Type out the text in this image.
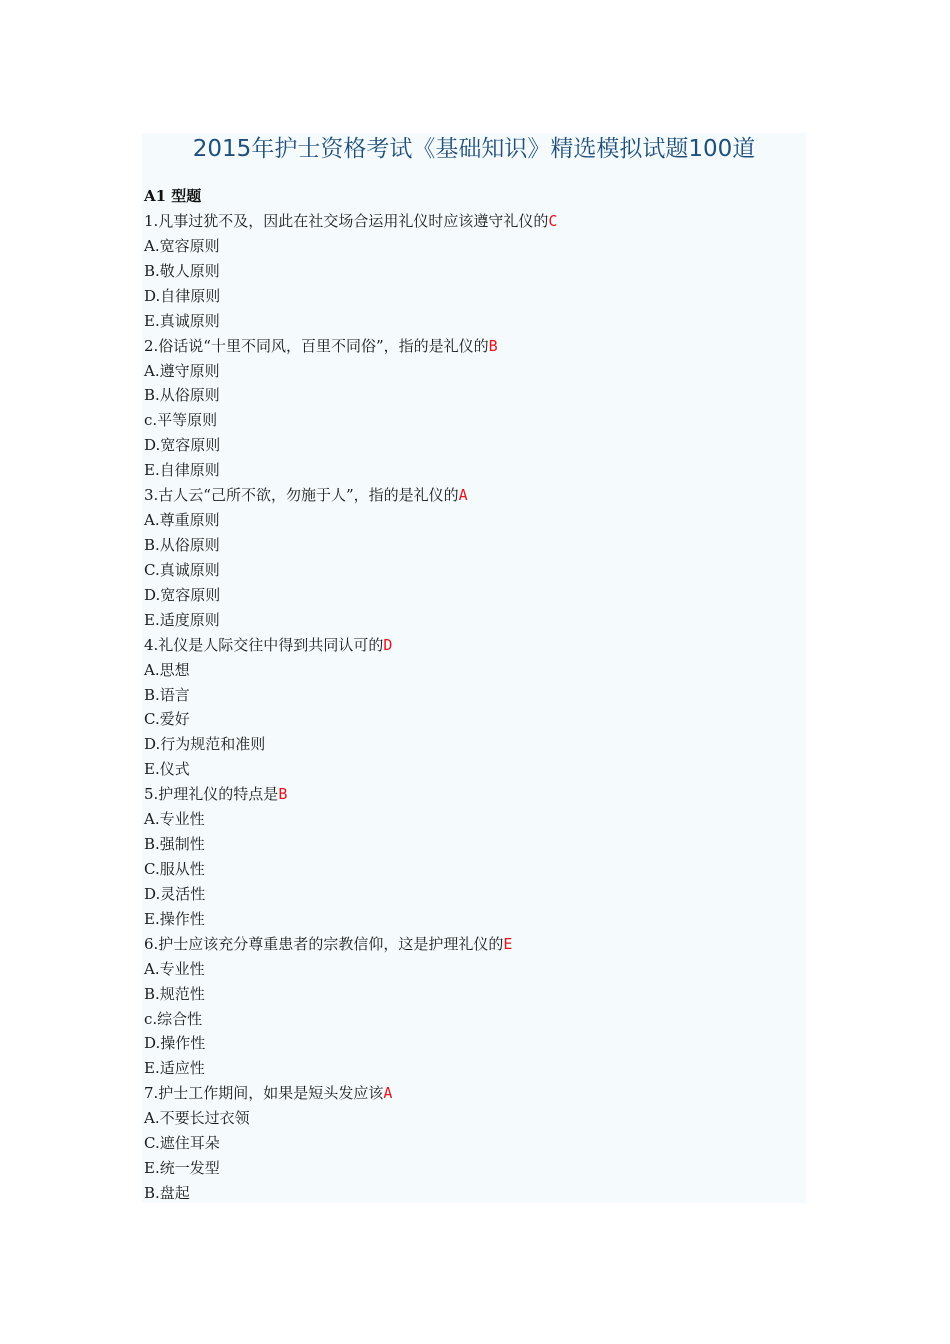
2015年护士资格考试《基础知识》精选模拟试题100道
A1 型题
1.凡事过犹不及，因此在社交场合运用礼仪时应该遵守礼仪的C
A.宽容原则
B.敬人原则
D.自律原则
E.真诚原则
2.俗话说“十里不同风，百里不同俗”，指的是礼仪的B
A.遵守原则
B.从俗原则
c.平等原则
D.宽容原则
E.自律原则
3.古人云“己所不欲，勿施于人”，指的是礼仪的A
A.尊重原则
B.从俗原则
C.真诚原则
D.宽容原则
E.适度原则
4.礼仪是人际交往中得到共同认可的D
A.思想
B.语言
C.爱好
D.行为规范和准则
E.仪式
5.护理礼仪的特点是B
A.专业性
B.强制性
C.服从性
D.灵活性
E.操作性
6.护士应该充分尊重患者的宗教信仰，这是护理礼仪的E
A.专业性
B.规范性
c.综合性
D.操作性
E.适应性
7.护士工作期间，如果是短头发应该A
A.不要长过衣领
C.遮住耳朵
E.统一发型
B.盘起
